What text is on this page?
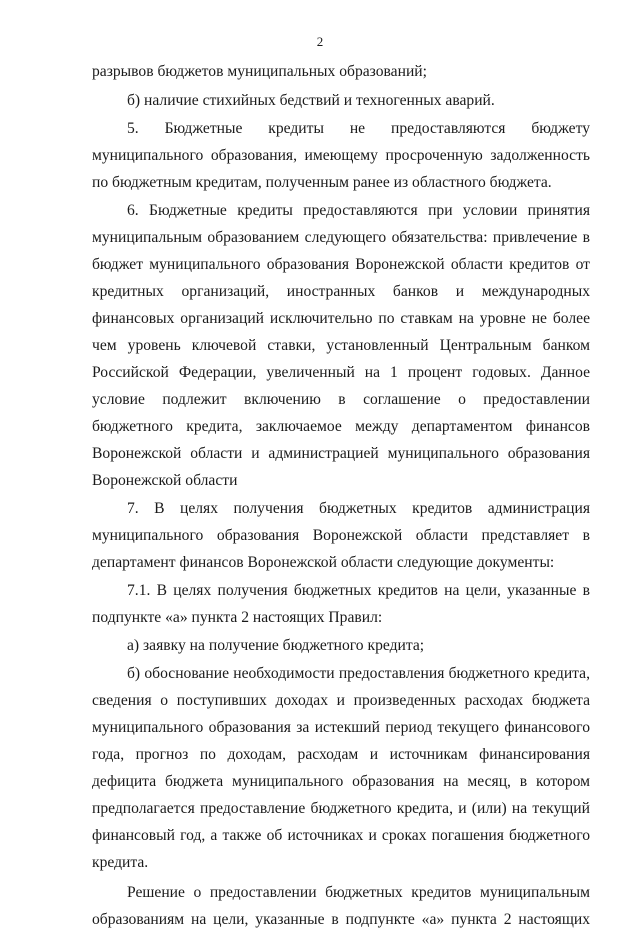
2

разрывов бюджетов муниципальных образований;

б) наличие стихийных бедствий и техногенных аварий.

5. Бюджетные кредиты не предоставляются бюджету муниципального образования, имеющему просроченную задолженность по бюджетным кредитам, полученным ранее из областного бюджета.

6. Бюджетные кредиты предоставляются при условии принятия муниципальным образованием следующего обязательства: привлечение в бюджет муниципального образования Воронежской области кредитов от кредитных организаций, иностранных банков и международных финансовых организаций исключительно по ставкам на уровне не более чем уровень ключевой ставки, установленный Центральным банком Российской Федерации, увеличенный на 1 процент годовых. Данное условие подлежит включению в соглашение о предоставлении бюджетного кредита, заключаемое между департаментом финансов Воронежской области и администрацией муниципального образования Воронежской области

7. В целях получения бюджетных кредитов администрация муниципального образования Воронежской области представляет в департамент финансов Воронежской области следующие документы:

7.1. В целях получения бюджетных кредитов на цели, указанные в подпункте «а» пункта 2 настоящих Правил:

а) заявку на получение бюджетного кредита;

б) обоснование необходимости предоставления бюджетного кредита, сведения о поступивших доходах и произведенных расходах бюджета муниципального образования за истекший период текущего финансового года, прогноз по доходам, расходам и источникам финансирования дефицита бюджета муниципального образования на месяц, в котором предполагается предоставление бюджетного кредита, и (или) на текущий финансовый год, а также об источниках и сроках погашения бюджетного кредита.

Решение о предоставлении бюджетных кредитов муниципальным образованиям на цели, указанные в подпункте «а» пункта 2 настоящих
